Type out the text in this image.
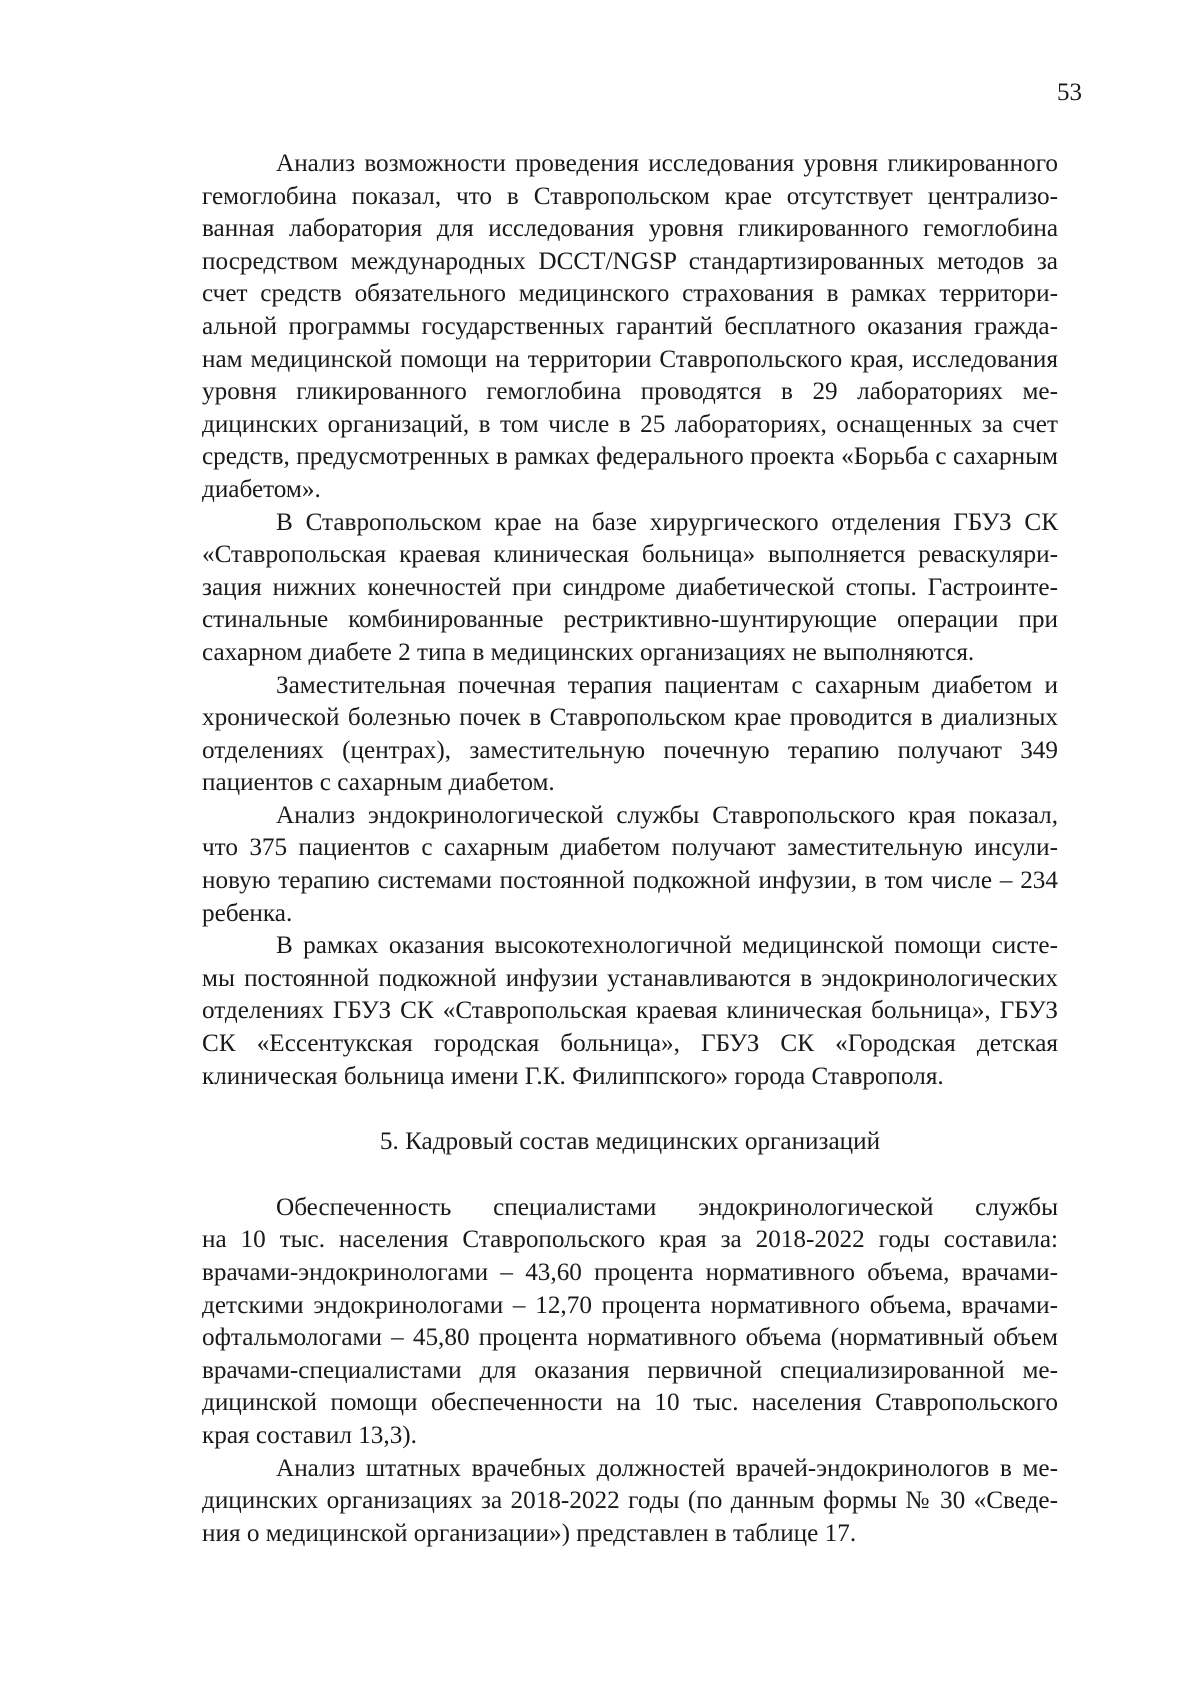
53

Анализ возможности проведения исследования уровня гликированного гемоглобина показал, что в Ставропольском крае отсутствует централизованная лаборатория для исследования уровня гликированного гемоглобина посредством международных DCCT/NGSP стандартизированных методов за счет средств обязательного медицинского страхования в рамках территориальной программы государственных гарантий бесплатного оказания гражданам медицинской помощи на территории Ставропольского края, исследования уровня гликированного гемоглобина проводятся в 29 лабораториях медицинских организаций, в том числе в 25 лабораториях, оснащенных за счет средств, предусмотренных в рамках федерального проекта «Борьба с сахарным диабетом».

В Ставропольском крае на базе хирургического отделения ГБУЗ СК «Ставропольская краевая клиническая больница» выполняется реваскуляризация нижних конечностей при синдроме диабетической стопы. Гастроинтестинальные комбинированные рестриктивно-шунтирующие операции при сахарном диабете 2 типа в медицинских организациях не выполняются.

Заместительная почечная терапия пациентам с сахарным диабетом и хронической болезнью почек в Ставропольском крае проводится в диализных отделениях (центрах), заместительную почечную терапию получают 349 пациентов с сахарным диабетом.

Анализ эндокринологической службы Ставропольского края показал, что 375 пациентов с сахарным диабетом получают заместительную инсулиновую терапию системами постоянной подкожной инфузии, в том числе – 234 ребенка.

В рамках оказания высокотехнологичной медицинской помощи системы постоянной подкожной инфузии устанавливаются в эндокринологических отделениях ГБУЗ СК «Ставропольская краевая клиническая больница», ГБУЗ СК «Ессентукская городская больница», ГБУЗ СК «Городская детская клиническая больница имени Г.К. Филиппского» города Ставрополя.

5. Кадровый состав медицинских организаций

Обеспеченность специалистами эндокринологической службы

на 10 тыс. населения Ставропольского края за 2018-2022 годы составила: врачами-эндокринологами – 43,60 процента нормативного объема, врачами-детскими эндокринологами – 12,70 процента нормативного объема, врачами-офтальмологами – 45,80 процента нормативного объема (нормативный объем врачами-специалистами для оказания первичной специализированной медицинской помощи обеспеченности на 10 тыс. населения Ставропольского края составил 13,3).

Анализ штатных врачебных должностей врачей-эндокринологов в медицинских организациях за 2018-2022 годы (по данным формы № 30 «Сведения о медицинской организации») представлен в таблице 17.
